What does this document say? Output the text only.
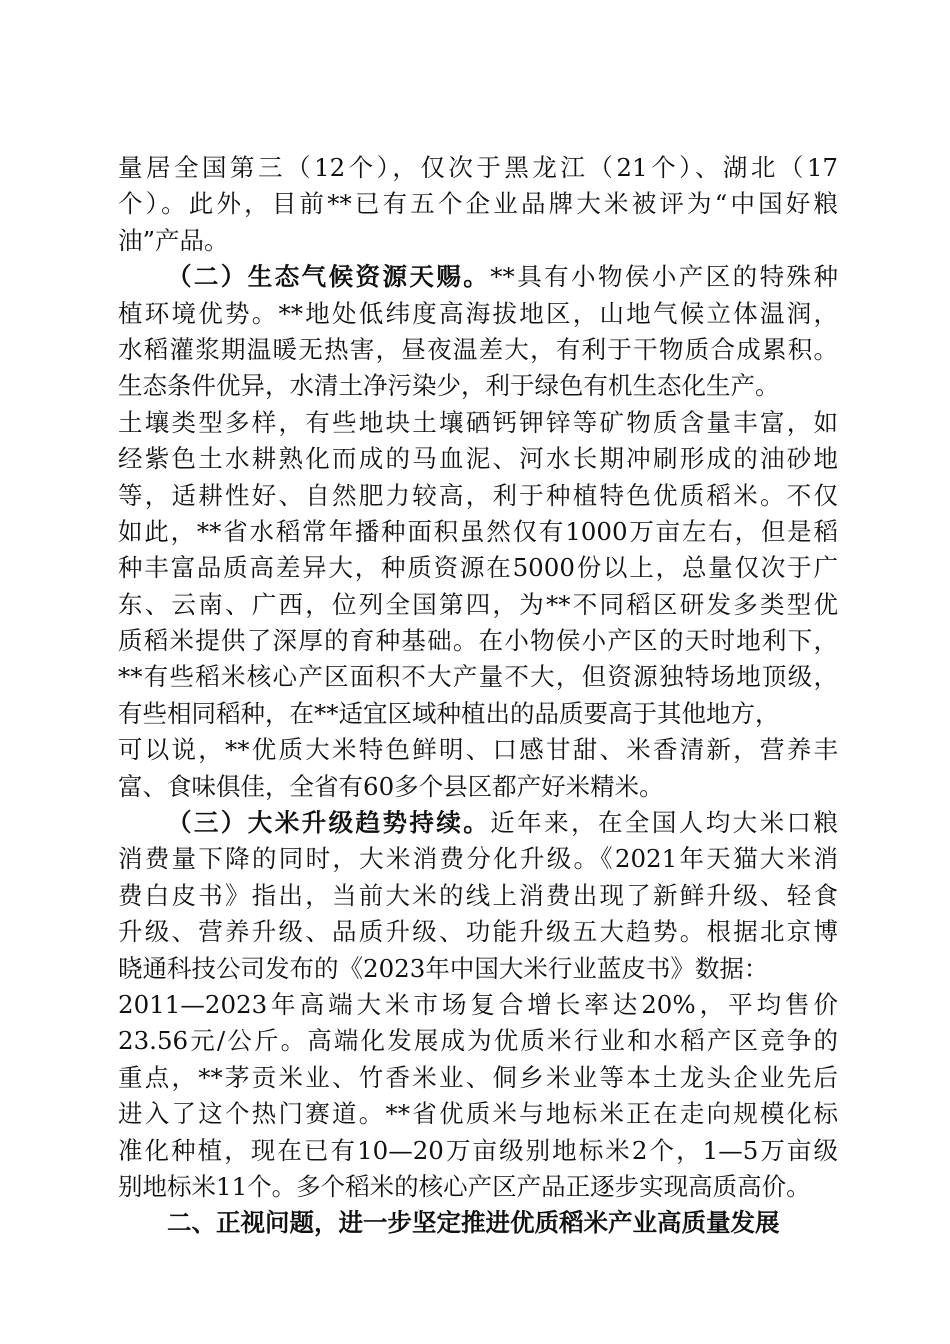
量居全国第三（12个），仅次于黑龙江（21个）、湖北（17
个）。此外，目前**已有五个企业品牌大米被评为“中国好粮
油”产品。
（二）生态气候资源天赐。**具有小物侯小产区的特殊种
植环境优势。**地处低纬度高海拔地区，山地气候立体温润，
水稻灌浆期温暖无热害，昼夜温差大，有利于干物质合成累积。
生态条件优异，水清土净污染少，利于绿色有机生态化生产。
土壤类型多样，有些地块土壤硒钙钾锌等矿物质含量丰富，如
经紫色土水耕熟化而成的马血泥、河水长期冲刷形成的油砂地
等，适耕性好、自然肥力较高，利于种植特色优质稻米。不仅
如此，**省水稻常年播种面积虽然仅有1000万亩左右，但是稻
种丰富品质高差异大，种质资源在5000份以上，总量仅次于广
东、云南、广西，位列全国第四，为**不同稻区研发多类型优
质稻米提供了深厚的育种基础。在小物侯小产区的天时地利下，
**有些稻米核心产区面积不大产量不大，但资源独特场地顶级，
有些相同稻种，在**适宜区域种植出的品质要高于其他地方，
可以说，**优质大米特色鲜明、口感甘甜、米香清新，营养丰
富、食味俱佳，全省有60多个县区都产好米精米。
（三）大米升级趋势持续。近年来，在全国人均大米口粮
消费量下降的同时，大米消费分化升级。《2021年天猫大米消
费白皮书》指出，当前大米的线上消费出现了新鲜升级、轻食
升级、营养升级、品质升级、功能升级五大趋势。根据北京博
晓通科技公司发布的《2023年中国大米行业蓝皮书》数据：
2011—2023年高端大米市场复合增长率达20%，平均售价
23.56元/公斤。高端化发展成为优质米行业和水稻产区竞争的
重点，**茅贡米业、竹香米业、侗乡米业等本土龙头企业先后
进入了这个热门赛道。**省优质米与地标米正在走向规模化标
准化种植，现在已有10—20万亩级别地标米2个，1—5万亩级
别地标米11个。多个稻米的核心产区产品正逐步实现高质高价。
二、正视问题，进一步坚定推进优质稻米产业高质量发展
